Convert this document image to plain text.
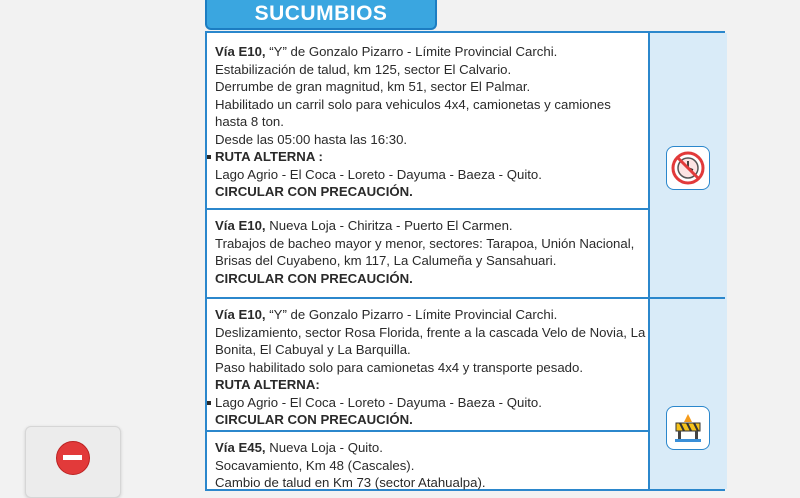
SUCUMBIOS
Vía E10, “Y” de Gonzalo Pizarro - Límite Provincial Carchi.
Estabilización de talud, km 125, sector El Calvario.
Derrumbe de gran magnitud, km 51, sector El Palmar.
Habilitado un carril solo para vehiculos 4x4, camionetas y camiones
hasta 8 ton.
Desde las 05:00 hasta las 16:30.
RUTA ALTERNA :
Lago Agrio - El Coca - Loreto - Dayuma - Baeza - Quito.
CIRCULAR CON PRECAUCIÓN.
Vía E10, Nueva Loja - Chiritza - Puerto El Carmen.
Trabajos de bacheo mayor y menor, sectores: Tarapoa, Unión Nacional,
Brisas del Cuyabeno, km 117, La Calumeña y Sansahuari.
CIRCULAR CON PRECAUCIÓN.
Vía E10, “Y” de Gonzalo Pizarro - Límite Provincial Carchi.
Deslizamiento, sector Rosa Florida, frente a la cascada Velo de Novia, La
Bonita, El Cabuyal y La Barquilla.
Paso habilitado solo para camionetas 4x4 y transporte pesado.
RUTA ALTERNA:
Lago Agrio - El Coca - Loreto - Dayuma - Baeza - Quito.
CIRCULAR CON PRECAUCIÓN.
Vía E45, Nueva Loja - Quito.
Socavamiento, Km 48 (Cascales).
Cambio de talud en Km 73 (sector Atahualpa).
